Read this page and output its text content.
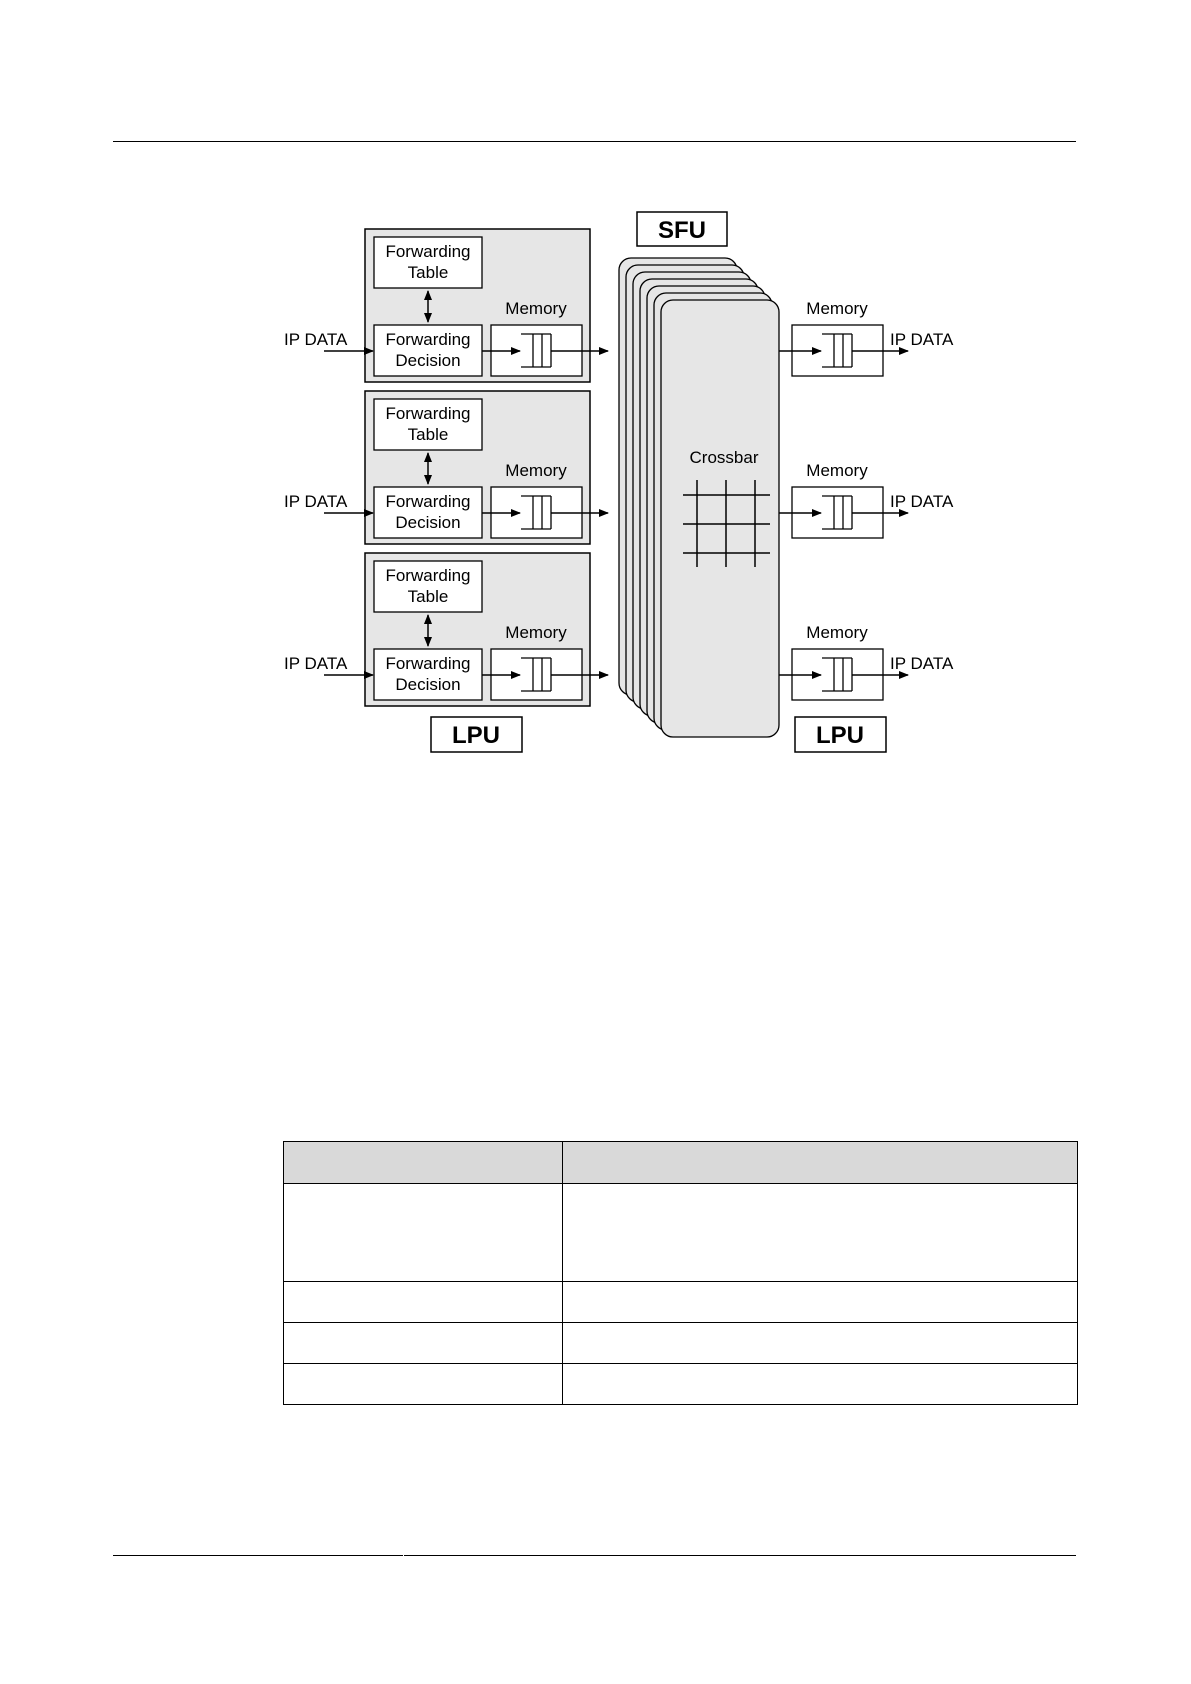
SFU
Crossbar
Forwarding Table
Forwarding Decision
Memory
IP DATA
Forwarding Table
Forwarding Decision
Memory
IP DATA
Forwarding Table
Forwarding Decision
Memory
IP DATA
Memory
IP DATA
Memory
IP DATA
Memory
IP DATA
LPU	LPU
